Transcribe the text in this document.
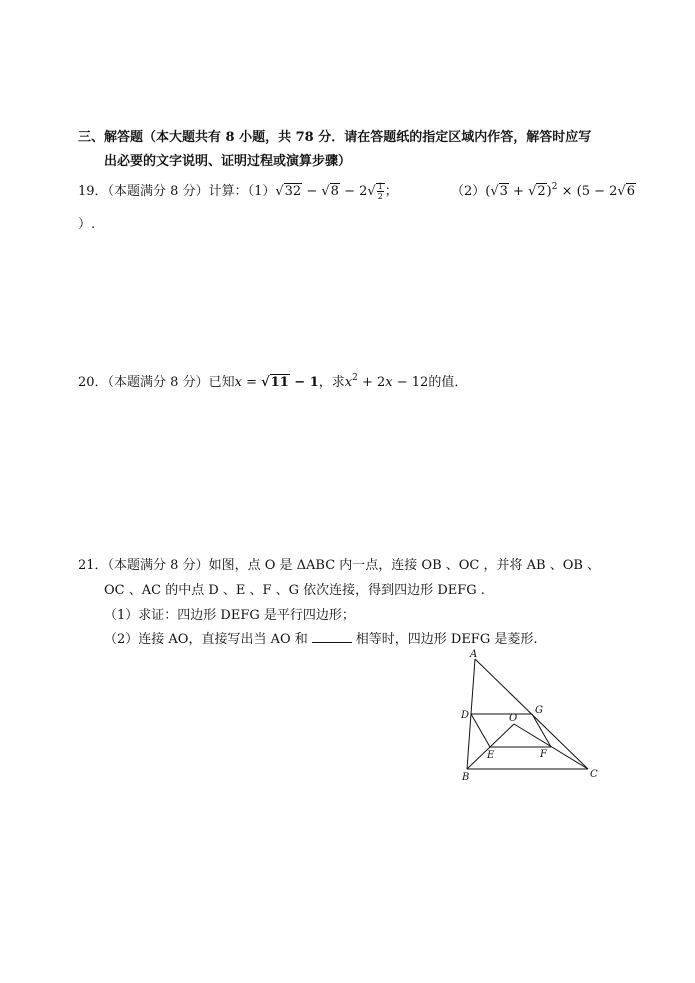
三、解答题（本大题共有 8 小题，共 78 分．请在答题纸的指定区域内作答，解答时应写
出必要的文字说明、证明过程或演算步骤）
19．（本题满分 8 分）计算：$(1)√32 - √8 - 2√ \frac{1}{2}$ ；	$(2)(√3 + √2)^2 \times (5 - 2√6$
）.
20．（本题满分 8 分）已知x = √11 − 1，求$x^2 + 2x - 12$的值．
21．（本题满分 8 分）如图，点 O 是 ΔABC 内一点，连接 OB 、OC ，并将 AB 、OB 、
OC 、AC 的中点 D 、E 、F 、G 依次连接，得到四边形 DEFG .
（1）求证：四边形 DEFG 是平行四边形；
（2）连接 AO，直接写出当 AO 和	相等时，四边形 DEFG 是菱形.
A
B	C
D
E	F
G
O
